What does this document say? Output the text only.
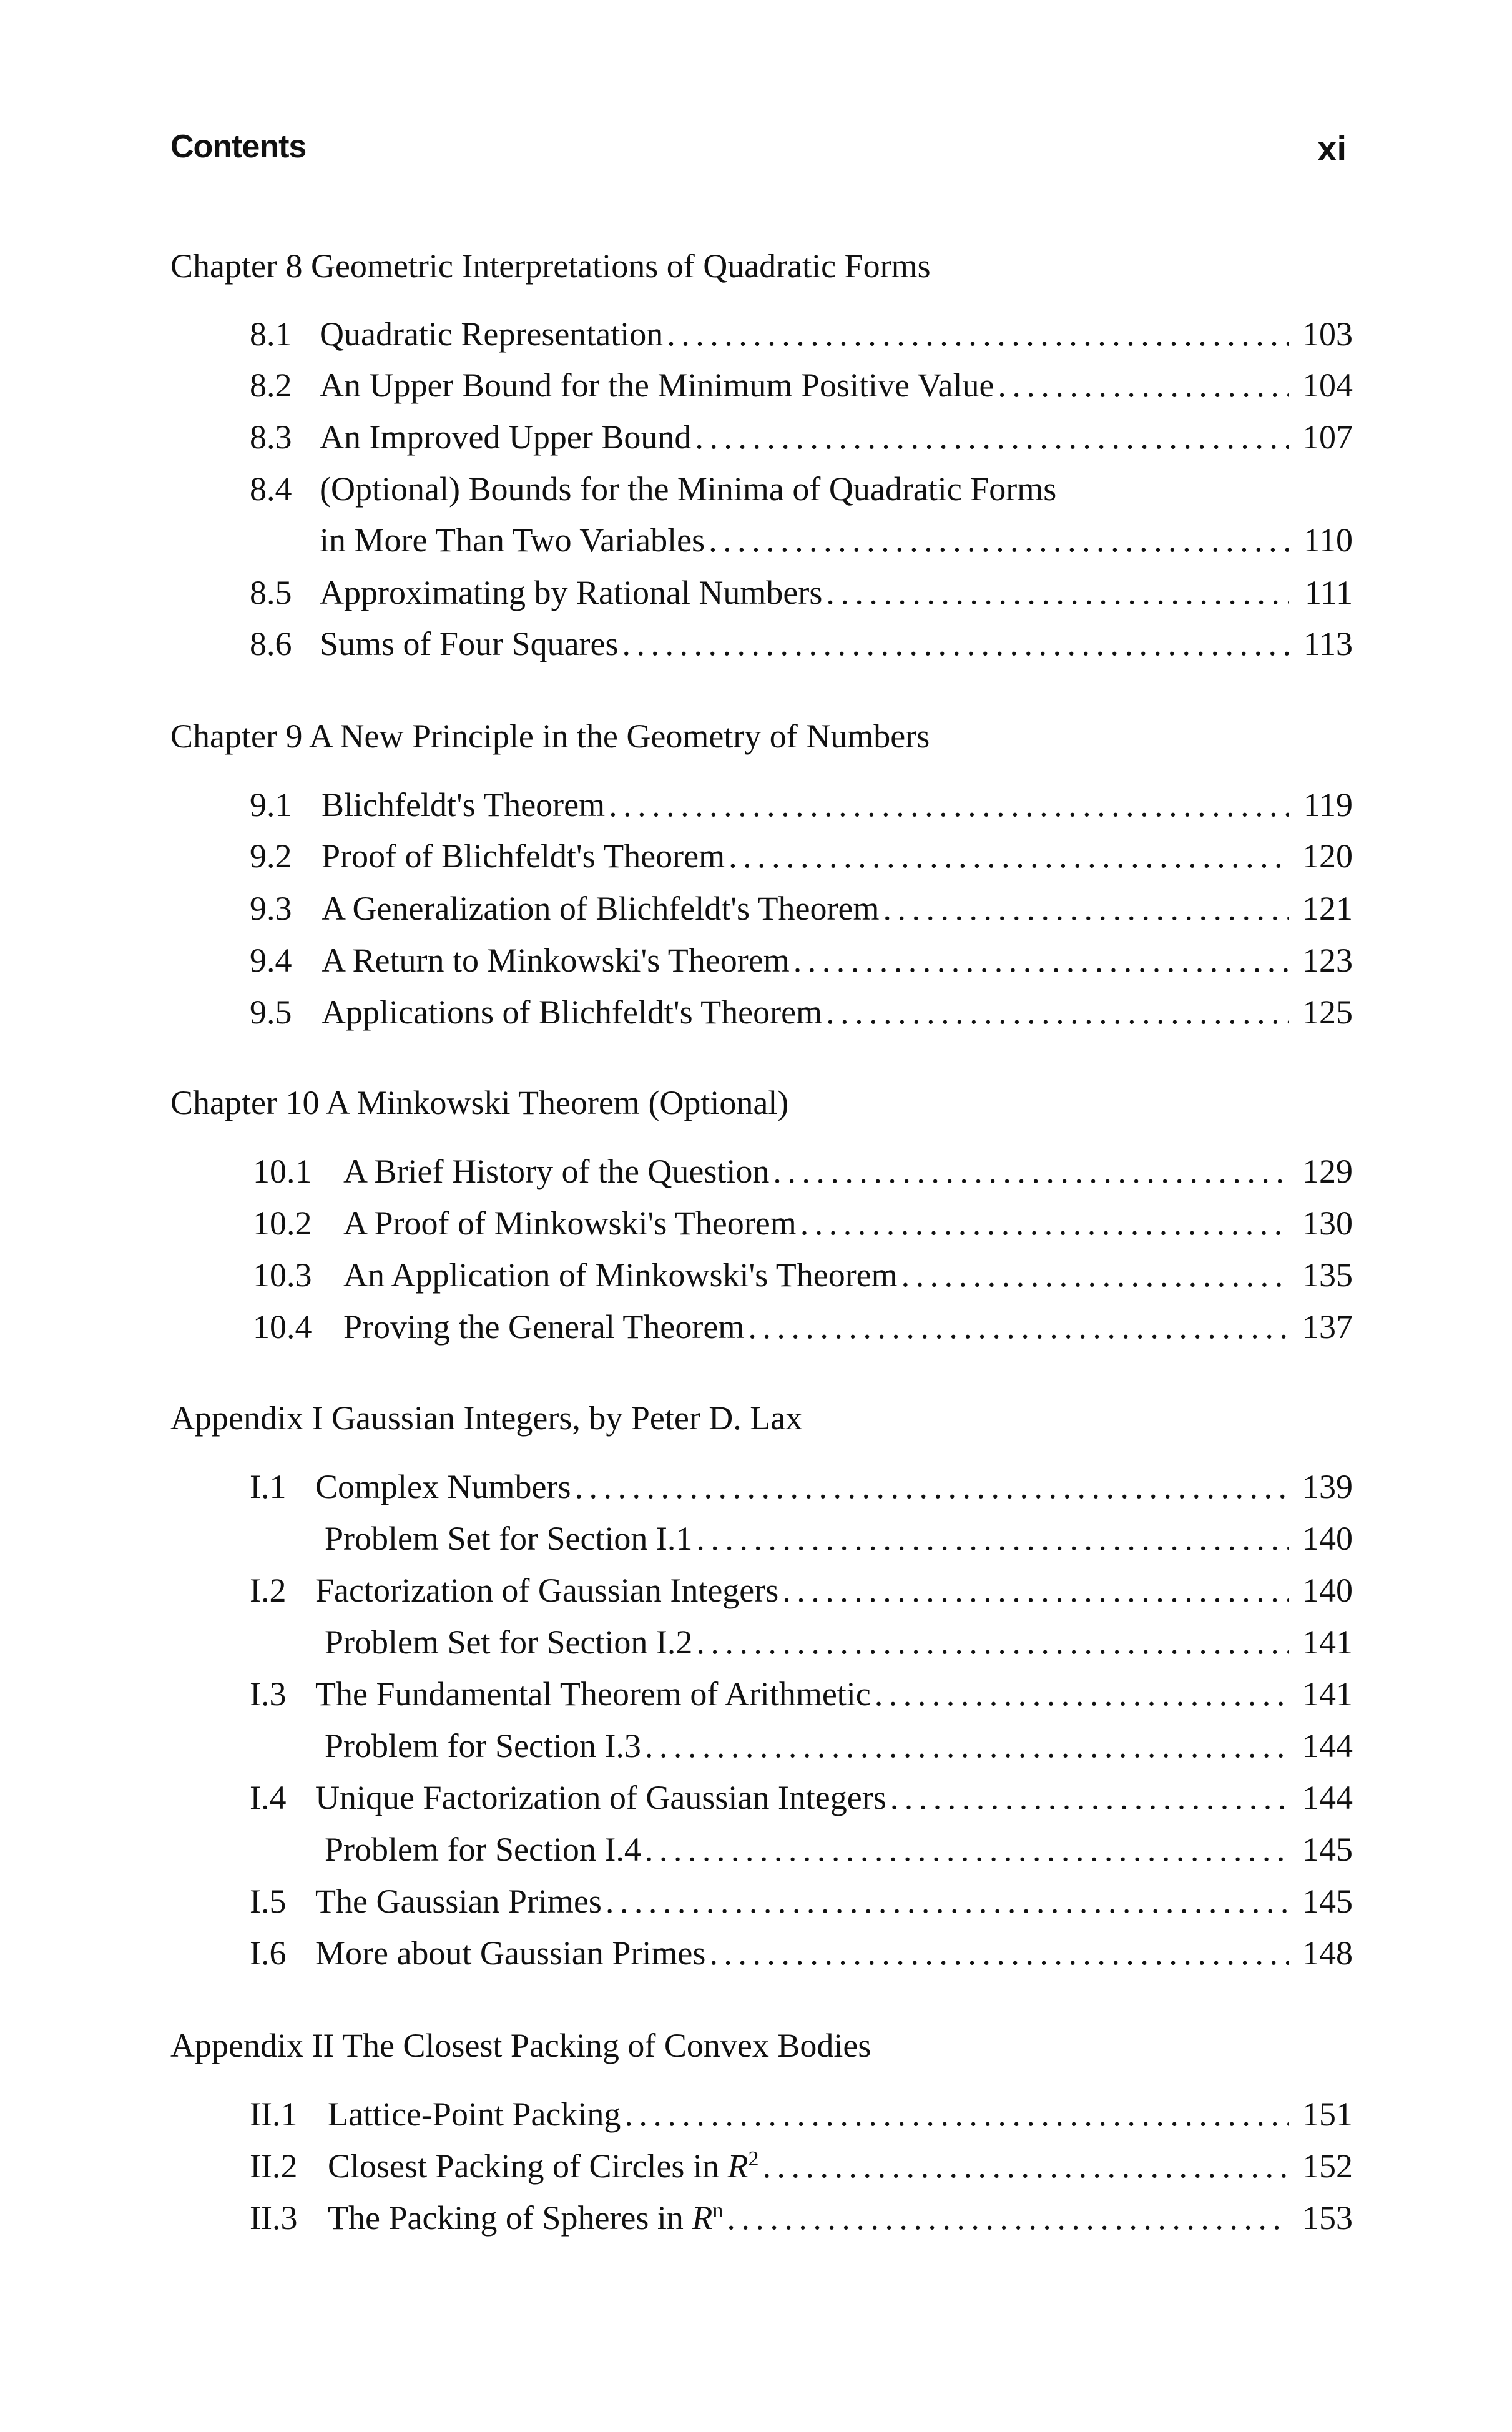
Contents	xi
Chapter 8 Geometric Interpretations of Quadratic Forms
8.1 Quadratic Representation . . .	103
8.2 An Upper Bound for the Minimum Positive Value . . .	104
8.3 An Improved Upper Bound . . .	107
8.4 (Optional) Bounds for the Minima of Quadratic Forms
in More Than Two Variables . . .	110
8.5 Approximating by Rational Numbers . . .	111
8.6 Sums of Four Squares . . .	113
Chapter 9 A New Principle in the Geometry of Numbers
9.1 Blichfeldt's Theorem . . .	119
9.2 Proof of Blichfeldt's Theorem . . .	120
9.3 A Generalization of Blichfeldt's Theorem . . .	121
9.4 A Return to Minkowski's Theorem . . .	123
9.5 Applications of Blichfeldt's Theorem . . .	125
Chapter 10 A Minkowski Theorem (Optional)
10.1 A Brief History of the Question . . .	129
10.2 A Proof of Minkowski's Theorem . . .	130
10.3 An Application of Minkowski's Theorem . . .	135
10.4 Proving the General Theorem . . .	137
Appendix I Gaussian Integers, by Peter D. Lax
I.1 Complex Numbers . . .	139
Problem Set for Section I.1 . . .	140
I.2 Factorization of Gaussian Integers . . .	140
Problem Set for Section I.2 . . .	141
I.3 The Fundamental Theorem of Arithmetic . . .	141
Problem for Section I.3 . . .	144
I.4 Unique Factorization of Gaussian Integers . . .	144
Problem for Section I.4 . . .	145
I.5 The Gaussian Primes . . .	145
I.6 More about Gaussian Primes . . .	148
Appendix II The Closest Packing of Convex Bodies
II.1 Lattice-Point Packing . . .	151
II.2 Closest Packing of Circles in $R^2$ . . .	152
II.3 The Packing of Spheres in $R^n$ . . .	153
